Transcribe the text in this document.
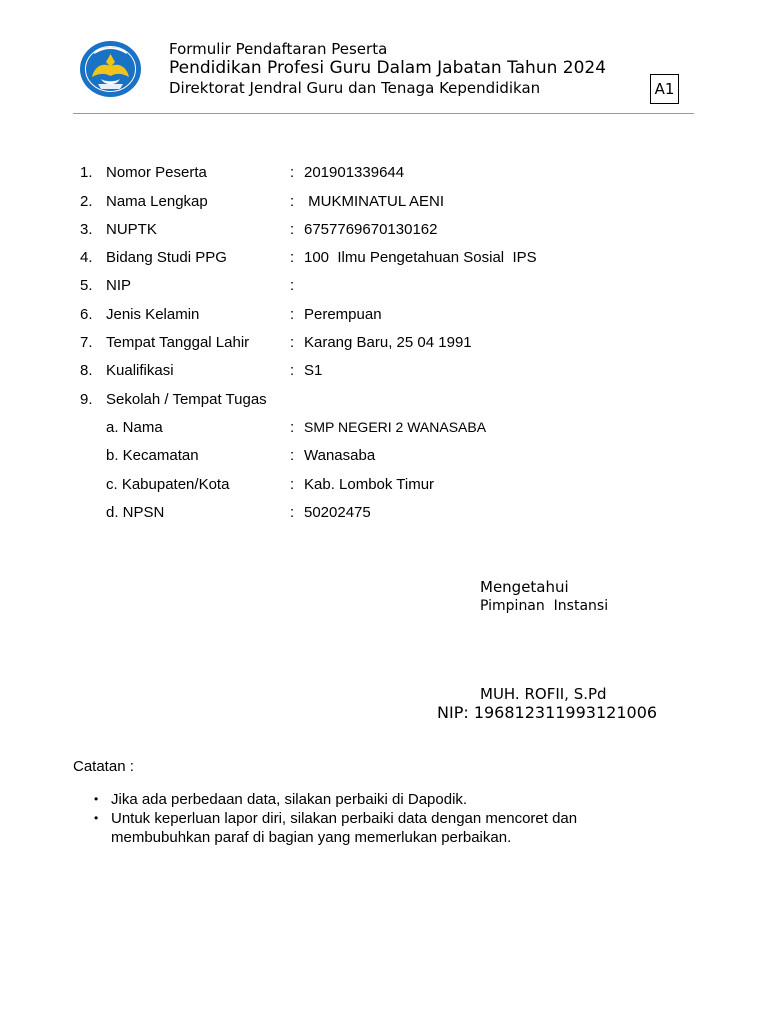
Formulir Pendaftaran Peserta
Pendidikan Profesi Guru Dalam Jabatan Tahun 2024
Direktorat Jendral Guru dan Tenaga Kependidikan	A1
1. Nomor Peserta	: 201901339644
2. Nama Lengkap	: MUKMINATUL AENI
3. NUPTK	: 6757769670130162
4. Bidang Studi PPG	: 100  Ilmu Pengetahuan Sosial  IPS
5. NIP	:
6. Jenis Kelamin	: Perempuan
7. Tempat Tanggal Lahir	: Karang Baru, 25 04 1991
8. Kualifikasi	: S1
9. Sekolah / Tempat Tugas
a. Nama	: SMP NEGERI 2 WANASABA
b. Kecamatan	: Wanasaba
c. Kabupaten/Kota	: Kab. Lombok Timur
d. NPSN	: 50202475
Mengetahui
Pimpinan  Instansi
MUH. ROFII, S.Pd
NIP: 196812311993121006
Catatan :
• Jika ada perbedaan data, silakan perbaiki di Dapodik.
• Untuk keperluan lapor diri, silakan perbaiki data dengan mencoret dan membubuhkan paraf di bagian yang memerlukan perbaikan.
